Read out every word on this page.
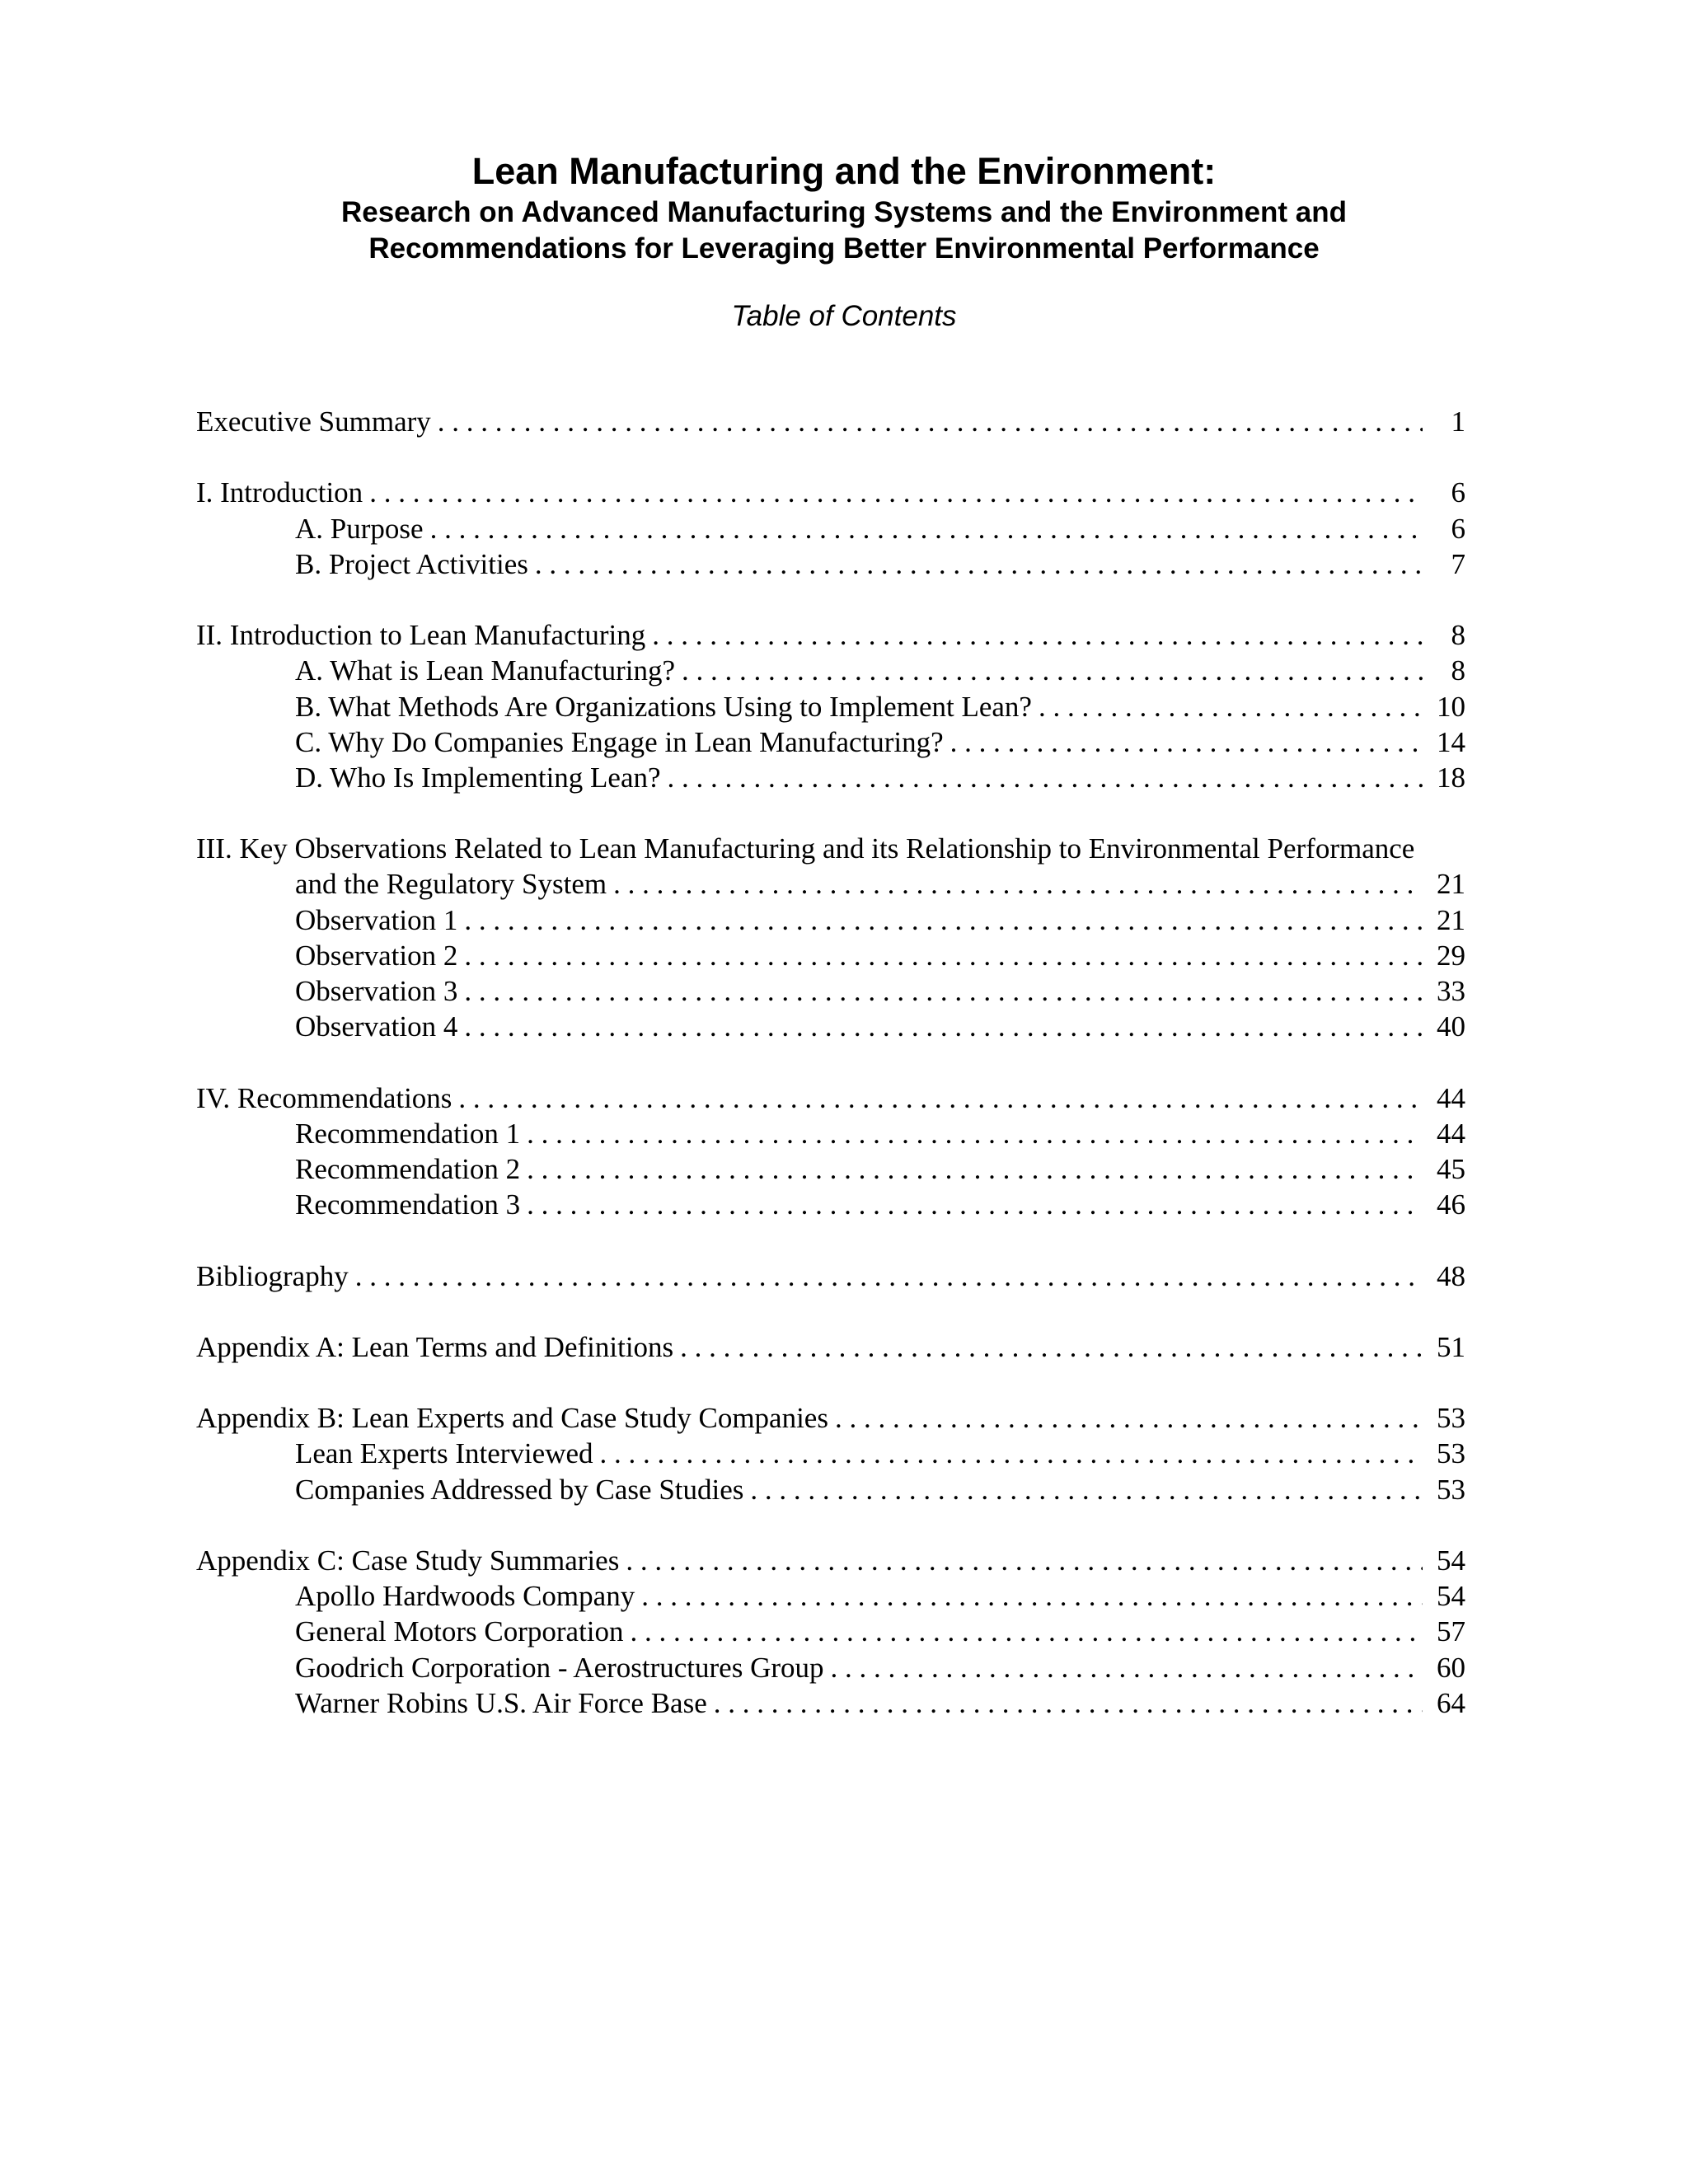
Lean Manufacturing and the Environment:
Research on Advanced Manufacturing Systems and the Environment and
Recommendations for Leveraging Better Environmental Performance
Table of Contents
Executive Summary . . .	1
I. Introduction . . .	6
A. Purpose . . .	6
B. Project Activities . . .	7
II. Introduction to Lean Manufacturing . . .	8
A. What is Lean Manufacturing? . . .	8
B. What Methods Are Organizations Using to Implement Lean? . . .	10
C. Why Do Companies Engage in Lean Manufacturing? . . .	14
D. Who Is Implementing Lean? . . .	18
III. Key Observations Related to Lean Manufacturing and its Relationship to Environmental Performance
and the Regulatory System . . .	21
Observation 1 . . .	21
Observation 2 . . .	29
Observation 3 . . .	33
Observation 4 . . .	40
IV. Recommendations . . .	44
Recommendation 1 . . .	44
Recommendation 2 . . .	45
Recommendation 3 . . .	46
Bibliography . . .	48
Appendix A: Lean Terms and Definitions . . .	51
Appendix B: Lean Experts and Case Study Companies . . .	53
Lean Experts Interviewed . . .	53
Companies Addressed by Case Studies . . .	53
Appendix C: Case Study Summaries . . .	54
Apollo Hardwoods Company . . .	54
General Motors Corporation . . .	57
Goodrich Corporation - Aerostructures Group . . .	60
Warner Robins U.S. Air Force Base . . .	64
